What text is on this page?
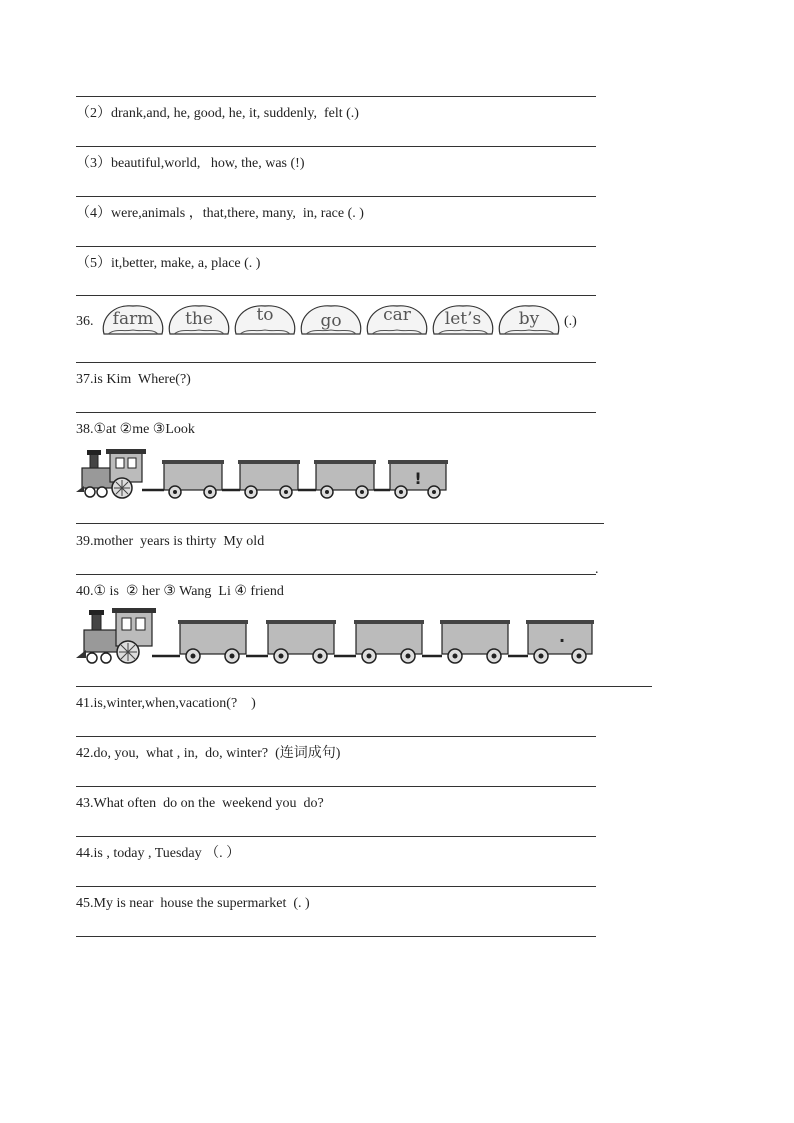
（2）drank,and, he, good, he, it, suddenly,  felt (.)
（3）beautiful,world,   how, the, was (!)
（4）were,animals ，that,there, many,  in, race (. )
（5）it,better, make, a, place (. )
36.	farm	the	to	go	car	let’s	by	(.)
37.is Kim  Where(?)
38.①at ②me ③Look
!
39.mother  years is thirty  My old
.
40.① is  ② her ③ Wang  Li ④ friend
.
41.is,winter,when,vacation(?    )
42.do, you,  what , in,  do, winter?  (连词成句)
43.What often  do on the  weekend you  do?
44.is , today , Tuesday （. ）
45.My is near  house the supermarket  (. )
